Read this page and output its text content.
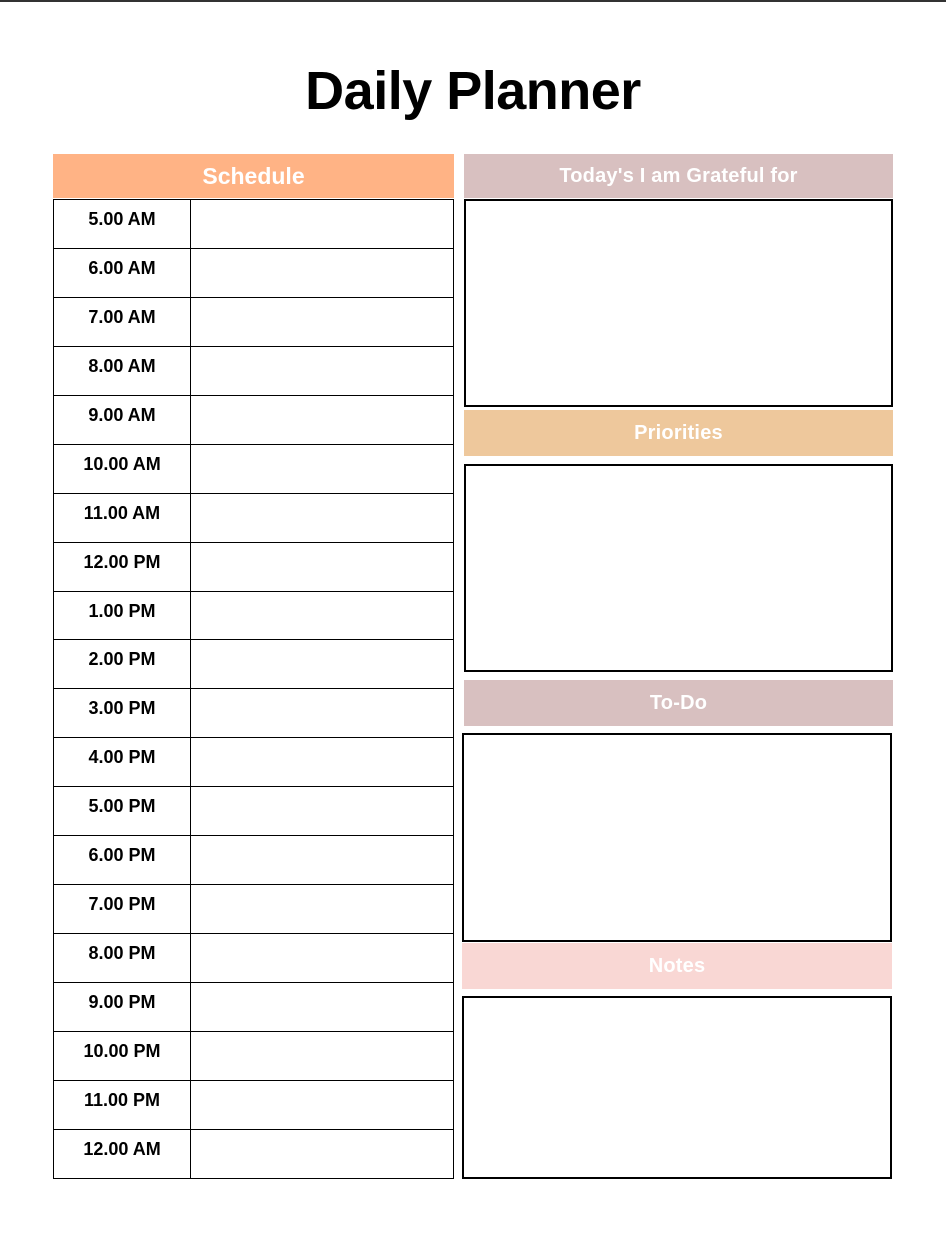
Daily Planner
Schedule
5.00 AM	
6.00 AM	
7.00 AM	
8.00 AM	
9.00 AM	
10.00 AM	
11.00 AM	
12.00 PM	
1.00 PM	
2.00 PM	
3.00 PM	
4.00 PM	
5.00 PM	
6.00 PM	
7.00 PM	
8.00 PM	
9.00 PM	
10.00 PM	
11.00 PM	
12.00 AM	
Today's I am Grateful for
Priorities
To-Do
Notes
